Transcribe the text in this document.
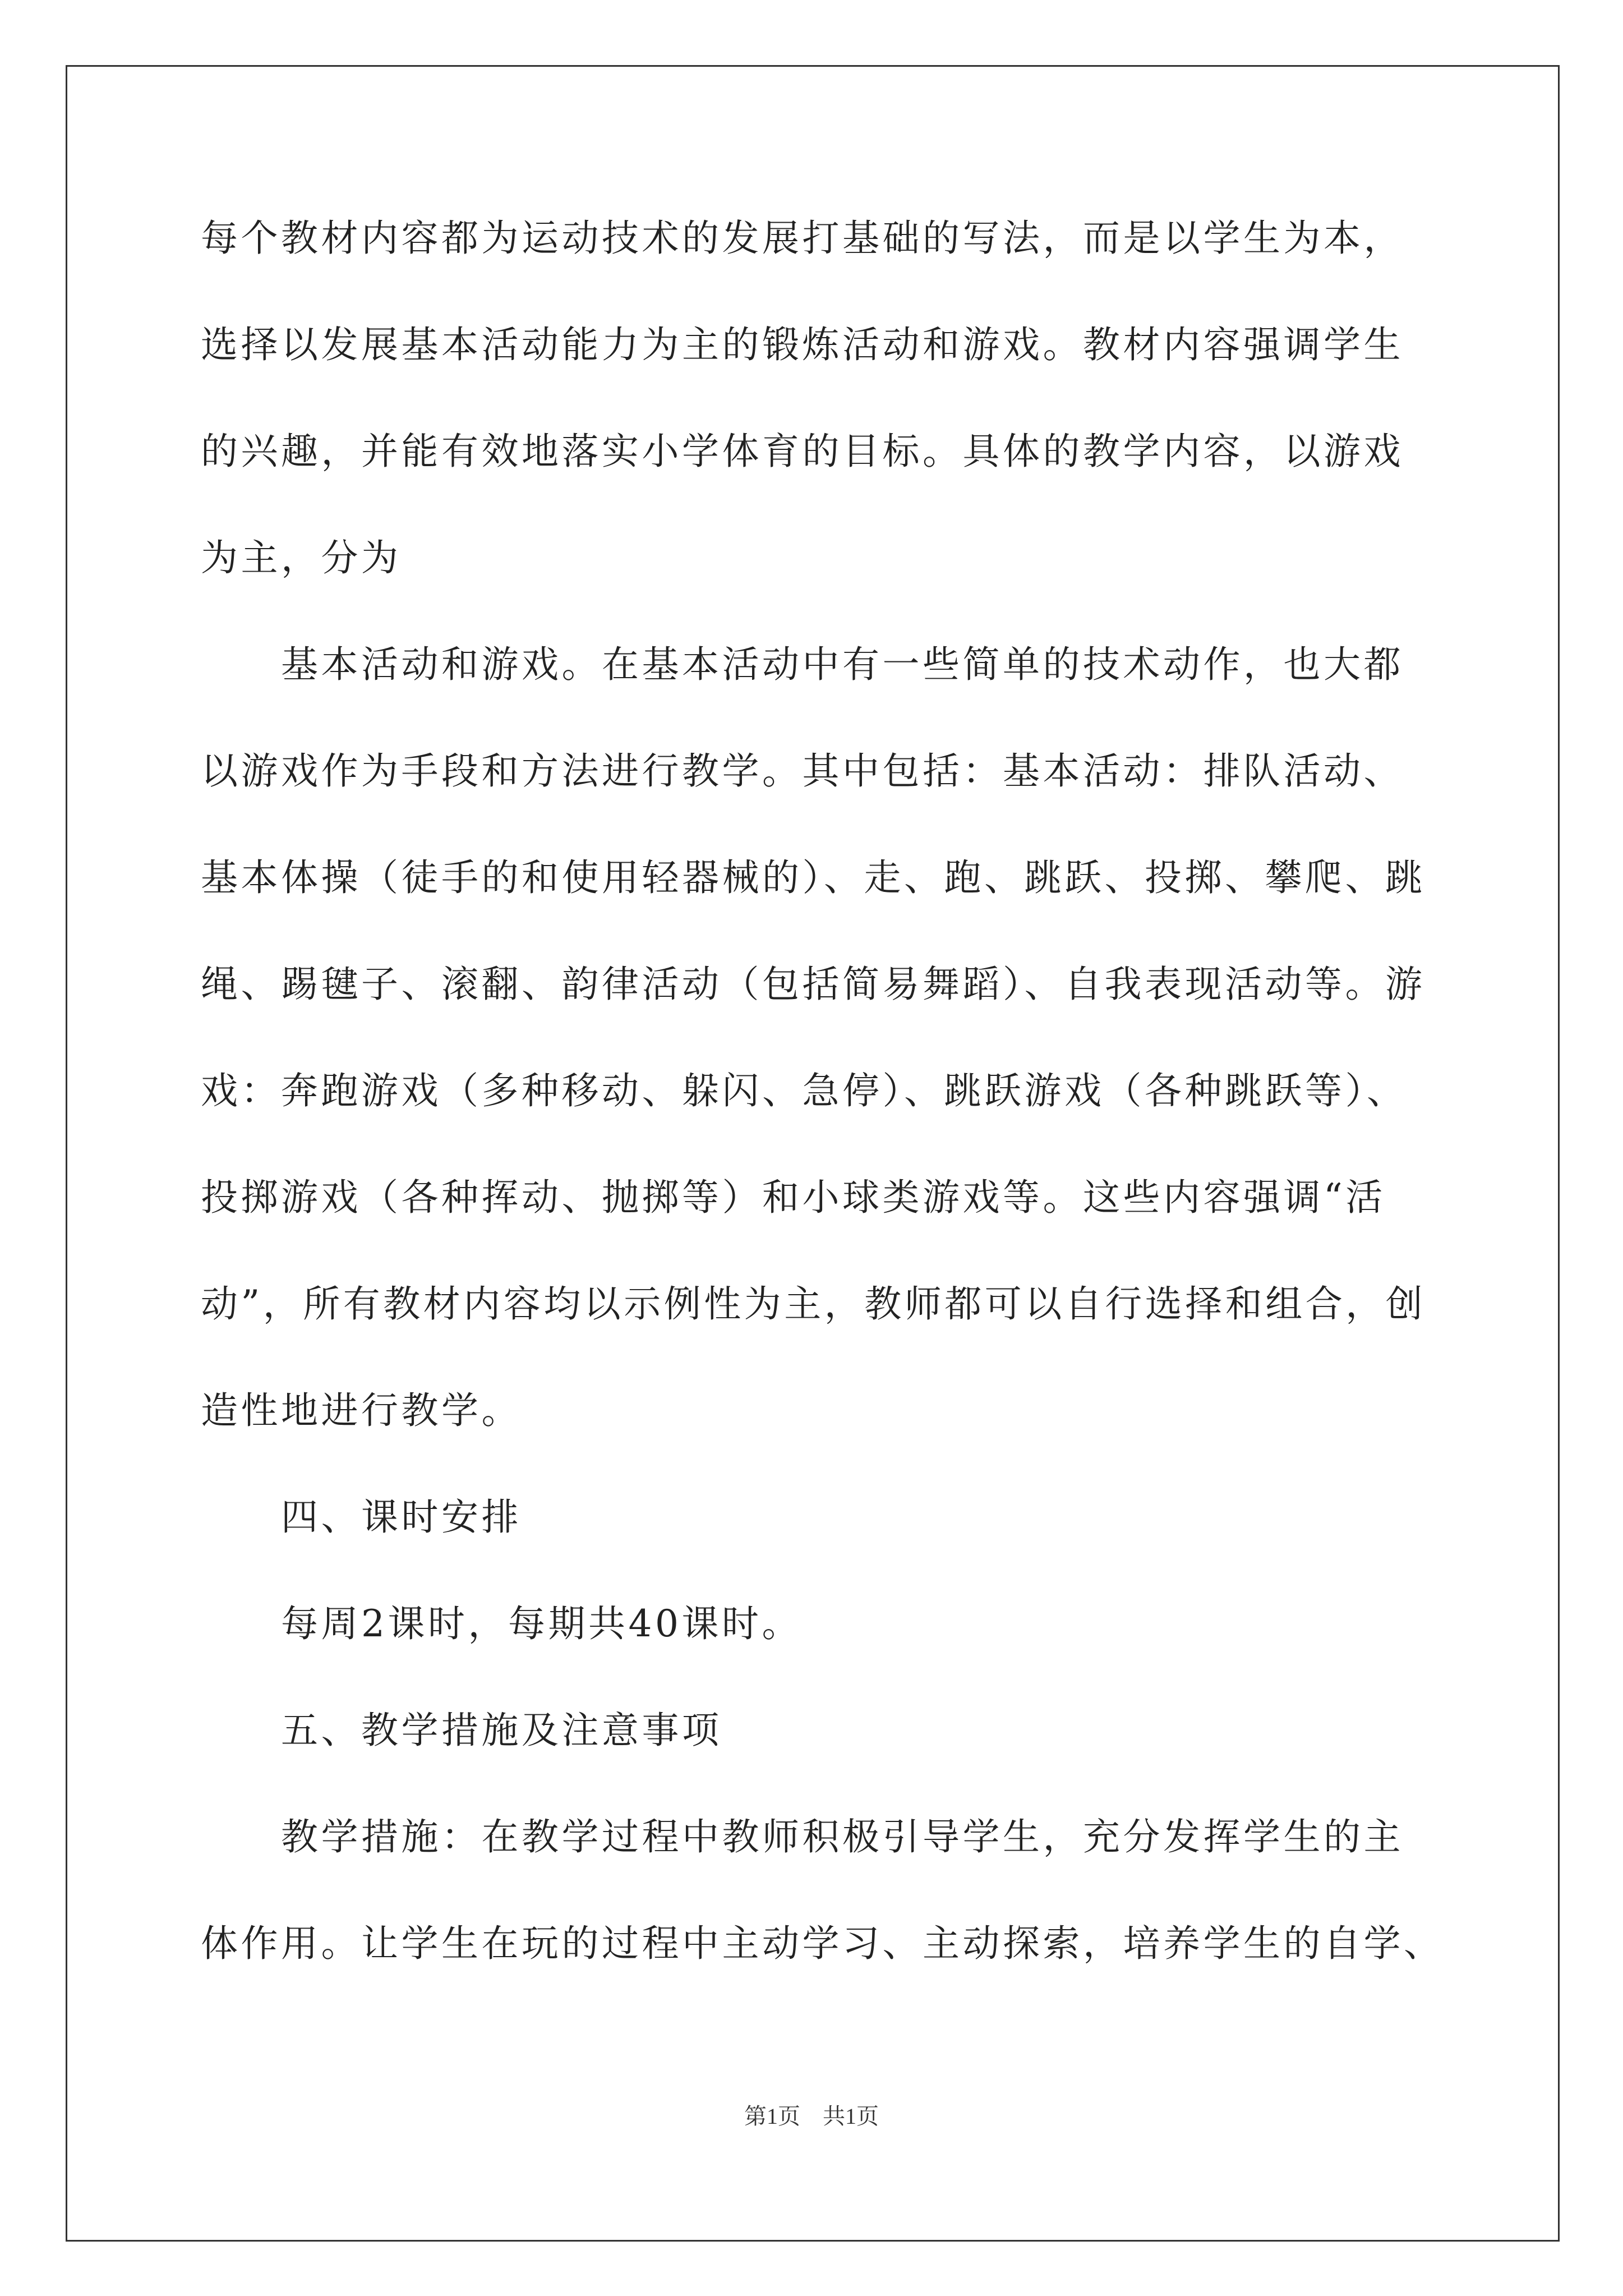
每个教材内容都为运动技术的发展打基础的写法，而是以学生为本，
选择以发展基本活动能力为主的锻炼活动和游戏。教材内容强调学生
的兴趣，并能有效地落实小学体育的目标。具体的教学内容，以游戏
为主，分为
　　基本活动和游戏。在基本活动中有一些简单的技术动作，也大都
以游戏作为手段和方法进行教学。其中包括：基本活动：排队活动、
基本体操（徒手的和使用轻器械的）、走、跑、跳跃、投掷、攀爬、跳
绳、踢毽子、滚翻、韵律活动（包括简易舞蹈）、自我表现活动等。游
戏：奔跑游戏（多种移动、躲闪、急停）、跳跃游戏（各种跳跃等）、
投掷游戏（各种挥动、抛掷等）和小球类游戏等。这些内容强调“活
动”，所有教材内容均以示例性为主，教师都可以自行选择和组合，创
造性地进行教学。
　　四、课时安排
　　每周2课时，每期共40课时。
　　五、教学措施及注意事项
　　教学措施：在教学过程中教师积极引导学生，充分发挥学生的主
体作用。让学生在玩的过程中主动学习、主动探索，培养学生的自学、
第1页　共1页
